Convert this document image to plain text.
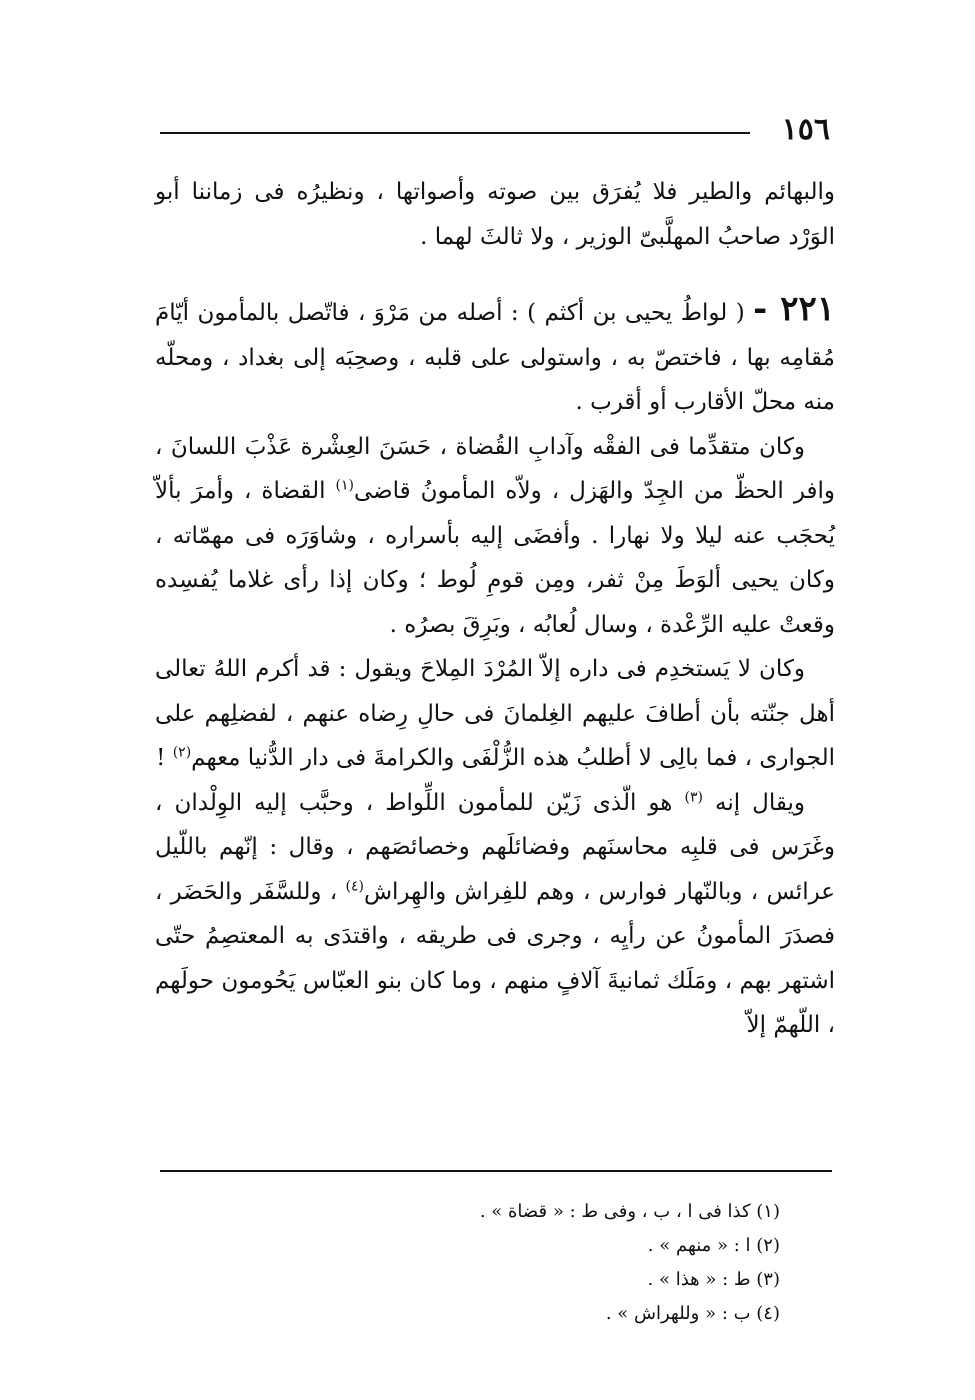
١٥٦

والبهائم والطير فلا يُفرَق بين صوته وأصواتها ، ونظيرُه فى زماننا أبو الوَرْد صاحبُ المهلَّبىّ الوزير ، ولا ثالثَ لهما .

٢٢١ - ( لواطُ يحيى بن أكثم ) : أصله من مَرْوَ ، فاتّصل بالمأمون أيّامَ مُقامِه بها ، فاختصّ به ، واستولى على قلبه ، وصحِبَه إلى بغداد ، ومحلّه منه محلّ الأقارب أو أقرب .

وكان متقدِّما فى الفقْه وآدابِ القُضاة ، حَسَنَ العِشْرة عَذْبَ اللسانَ ، وافر الحظّ من الجِدّ والهَزل ، ولاّه المأمونُ قاضى$^{(١)}$ القضاة ، وأمرَ بألاّ يُحجَب عنه ليلا ولا نهارا . وأفضَى إليه بأسراره ، وشاوَرَه فى مهمّاته ، وكان يحيى ألوَطَ مِنْ ثفر، ومِن قومِ لُوط ؛ وكان إذا رأى غلاما يُفسِده وقعتْ عليه الرِّعْدة ، وسال لُعابُه ، وبَرِقَ بصرُه .

وكان لا يَستخدِم فى داره إلاّ المُرْدَ المِلاحَ ويقول : قد أكرم اللهُ تعالى أهل جنّته بأن أطافَ عليهم الغِلمانَ فى حالِ رِضاه عنهم ، لفضلِهم على الجوارى ، فما بالِى لا أطلبُ هذه الزُّلْفَى والكرامةَ فى دار الدُّنيا معهم$^{(٢)}$ !

ويقال إنه $^{(٣)}$ هو الّذى زَيّن للمأمون اللِّواط ، وحبَّب إليه الوِلْدان ، وغَرَس فى قلبِه محاسنَهم وفضائلَهم وخصائصَهم ، وقال : إنّهم باللّيل عرائس ، وبالنّهار فوارس ، وهم للفِراش والهِراش$^{(٤)}$ ، وللسَّفَر والحَضَر ، فصدَرَ المأمونُ عن رأيِه ، وجرى فى طريقه ، واقتدَى به المعتصِمُ حتّى اشتهر بهم ، ومَلَك ثمانيةَ آلافٍ منهم ، وما كان بنو العبّاس يَحُومون حولَهم ، اللّهمّ إلاّ

(١) كذا فى ا ، ب ، وفى ط : « قضاة » .
(٢) ا : « منهم » .
(٣) ط : « هذا » .
(٤) ب : « وللهراش » .
